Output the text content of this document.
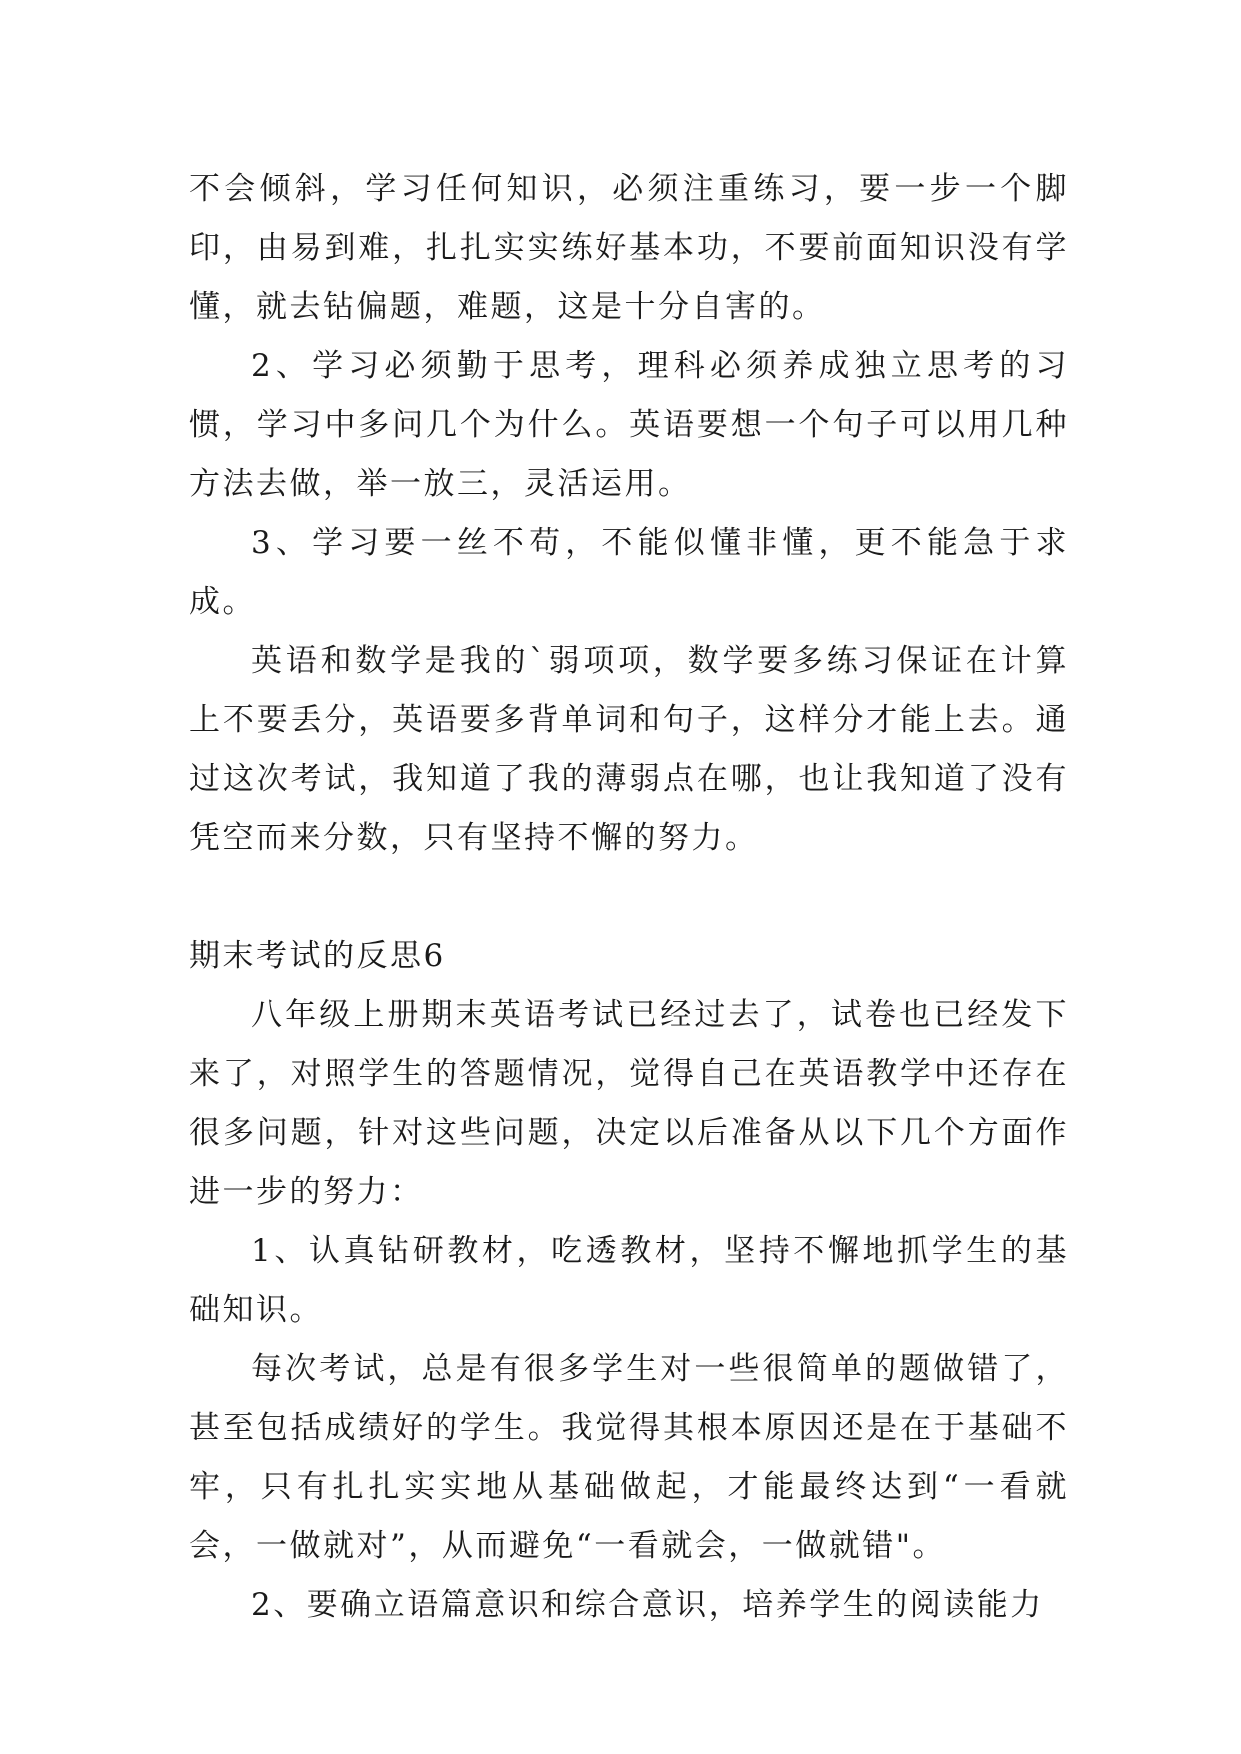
不会倾斜，学习任何知识，必须注重练习，要一步一个脚印，由易到难，扎扎实实练好基本功，不要前面知识没有学懂，就去钻偏题，难题，这是十分自害的。

2、学习必须勤于思考，理科必须养成独立思考的习惯，学习中多问几个为什么。英语要想一个句子可以用几种方法去做，举一放三，灵活运用。

3、学习要一丝不苟，不能似懂非懂，更不能急于求成。

英语和数学是我的`弱项项，数学要多练习保证在计算上不要丢分，英语要多背单词和句子，这样分才能上去。通过这次考试，我知道了我的薄弱点在哪，也让我知道了没有凭空而来分数，只有坚持不懈的努力。

期末考试的反思6

八年级上册期末英语考试已经过去了，试卷也已经发下来了，对照学生的答题情况，觉得自己在英语教学中还存在很多问题，针对这些问题，决定以后准备从以下几个方面作进一步的努力：

1、认真钻研教材，吃透教材，坚持不懈地抓学生的基础知识。

每次考试，总是有很多学生对一些很简单的题做错了，甚至包括成绩好的学生。我觉得其根本原因还是在于基础不牢，只有扎扎实实地从基础做起，才能最终达到“一看就会，一做就对”，从而避免“一看就会，一做就错"。

2、要确立语篇意识和综合意识，培养学生的阅读能力
